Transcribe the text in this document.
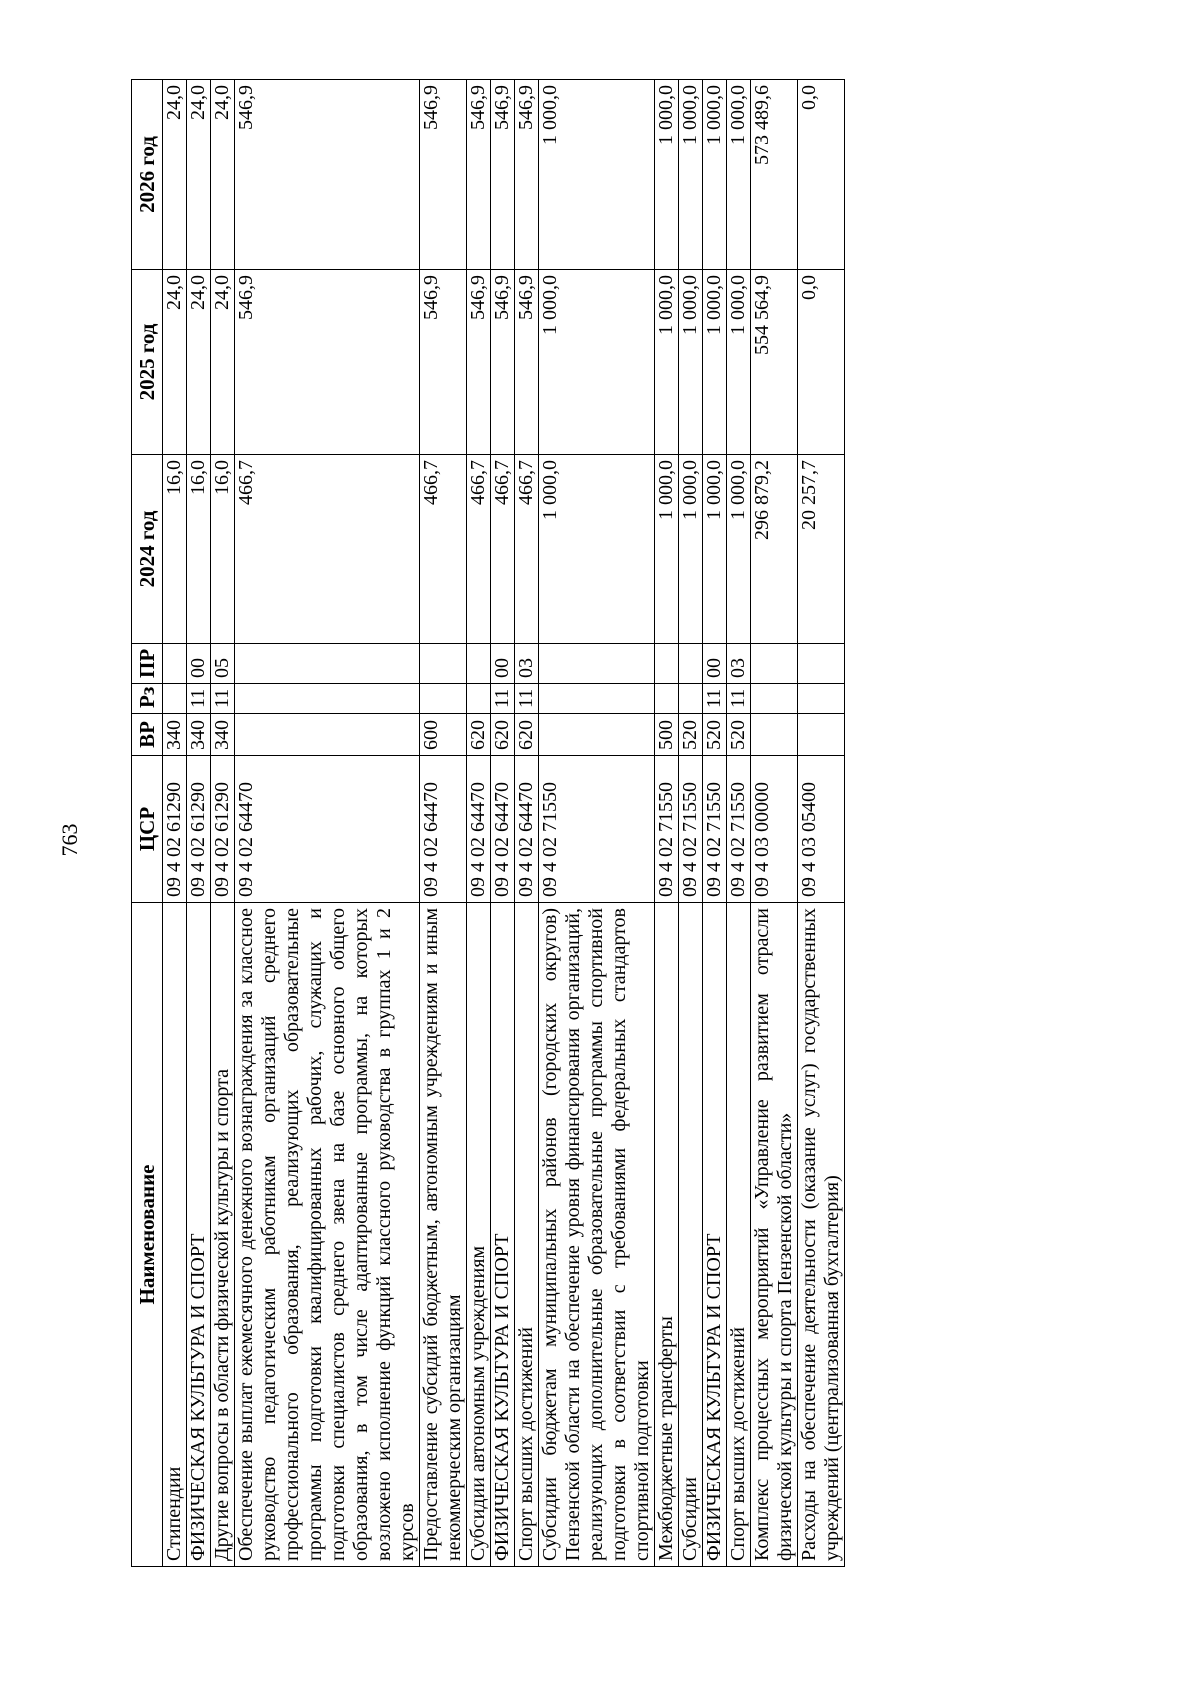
763
Наименование	ЦСР	ВР	Рз	ПР	2024 год	2025 год	2026 год
Стипендии	09 4 02 61290	340			16,0	24,0	24,0
ФИЗИЧЕСКАЯ КУЛЬТУРА И СПОРТ	09 4 02 61290	340	11	00	16,0	24,0	24,0
Другие вопросы в области физической культуры и спорта	09 4 02 61290	340	11	05	16,0	24,0	24,0
Обеспечение выплат ежемесячного денежного вознаграждения за классное руководство педагогическим работникам организаций среднего профессионального образования, реализующих образовательные программы подготовки квалифицированных рабочих, служащих и подготовки специалистов среднего звена на базе основного общего образования, в том числе адаптированные программы, на которых возложено исполнение функций классного руководства в группах 1 и 2 курсов	09 4 02 64470				466,7	546,9	546,9
Предоставление субсидий бюджетным, автономным учреждениям и иным некоммерческим организациям	09 4 02 64470	600			466,7	546,9	546,9
Субсидии автономным учреждениям	09 4 02 64470	620			466,7	546,9	546,9
ФИЗИЧЕСКАЯ КУЛЬТУРА И СПОРТ	09 4 02 64470	620	11	00	466,7	546,9	546,9
Спорт высших достижений	09 4 02 64470	620	11	03	466,7	546,9	546,9
Субсидии бюджетам муниципальных районов (городских округов) Пензенской области на обеспечение уровня финансирования организаций, реализующих дополнительные образовательные программы спортивной подготовки в соответствии с требованиями федеральных стандартов спортивной подготовки	09 4 02 71550				1 000,0	1 000,0	1 000,0
Межбюджетные трансферты	09 4 02 71550	500			1 000,0	1 000,0	1 000,0
Субсидии	09 4 02 71550	520			1 000,0	1 000,0	1 000,0
ФИЗИЧЕСКАЯ КУЛЬТУРА И СПОРТ	09 4 02 71550	520	11	00	1 000,0	1 000,0	1 000,0
Спорт высших достижений	09 4 02 71550	520	11	03	1 000,0	1 000,0	1 000,0
Комплекс процессных мероприятий «Управление развитием отрасли физической культуры и спорта Пензенской области»	09 4 03 00000				296 879,2	554 564,9	573 489,6
Расходы на обеспечение деятельности (оказание услуг) государственных учреждений (централизованная бухгалтерия)	09 4 03 05400				20 257,7	0,0	0,0
